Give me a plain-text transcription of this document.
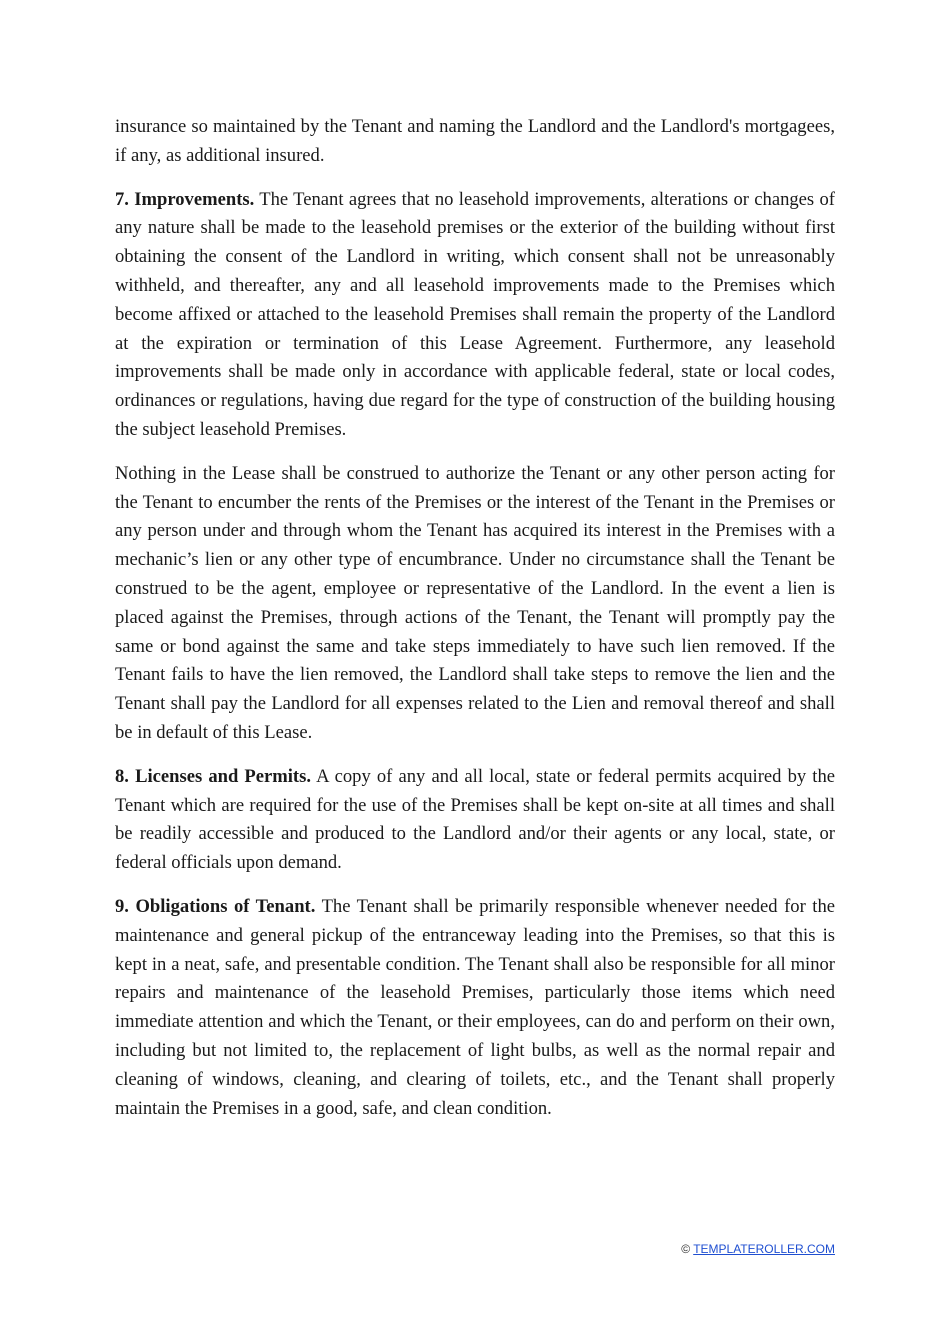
insurance so maintained by the Tenant and naming the Landlord and the Landlord's mortgagees, if any, as additional insured.

7. Improvements. The Tenant agrees that no leasehold improvements, alterations or changes of any nature shall be made to the leasehold premises or the exterior of the building without first obtaining the consent of the Landlord in writing, which consent shall not be unreasonably withheld, and thereafter, any and all leasehold improvements made to the Premises which become affixed or attached to the leasehold Premises shall remain the property of the Landlord at the expiration or termination of this Lease Agreement. Furthermore, any leasehold improvements shall be made only in accordance with applicable federal, state or local codes, ordinances or regulations, having due regard for the type of construction of the building housing the subject leasehold Premises.

Nothing in the Lease shall be construed to authorize the Tenant or any other person acting for the Tenant to encumber the rents of the Premises or the interest of the Tenant in the Premises or any person under and through whom the Tenant has acquired its interest in the Premises with a mechanic’s lien or any other type of encumbrance. Under no circumstance shall the Tenant be construed to be the agent, employee or representative of the Landlord. In the event a lien is placed against the Premises, through actions of the Tenant, the Tenant will promptly pay the same or bond against the same and take steps immediately to have such lien removed. If the Tenant fails to have the lien removed, the Landlord shall take steps to remove the lien and the Tenant shall pay the Landlord for all expenses related to the Lien and removal thereof and shall be in default of this Lease.

8. Licenses and Permits. A copy of any and all local, state or federal permits acquired by the Tenant which are required for the use of the Premises shall be kept on-site at all times and shall be readily accessible and produced to the Landlord and/or their agents or any local, state, or federal officials upon demand.

9. Obligations of Tenant. The Tenant shall be primarily responsible whenever needed for the maintenance and general pickup of the entranceway leading into the Premises, so that this is kept in a neat, safe, and presentable condition. The Tenant shall also be responsible for all minor repairs and maintenance of the leasehold Premises, particularly those items which need immediate attention and which the Tenant, or their employees, can do and perform on their own, including but not limited to, the replacement of light bulbs, as well as the normal repair and cleaning of windows, cleaning, and clearing of toilets, etc., and the Tenant shall properly maintain the Premises in a good, safe, and clean condition.

© TEMPLATEROLLER.COM
